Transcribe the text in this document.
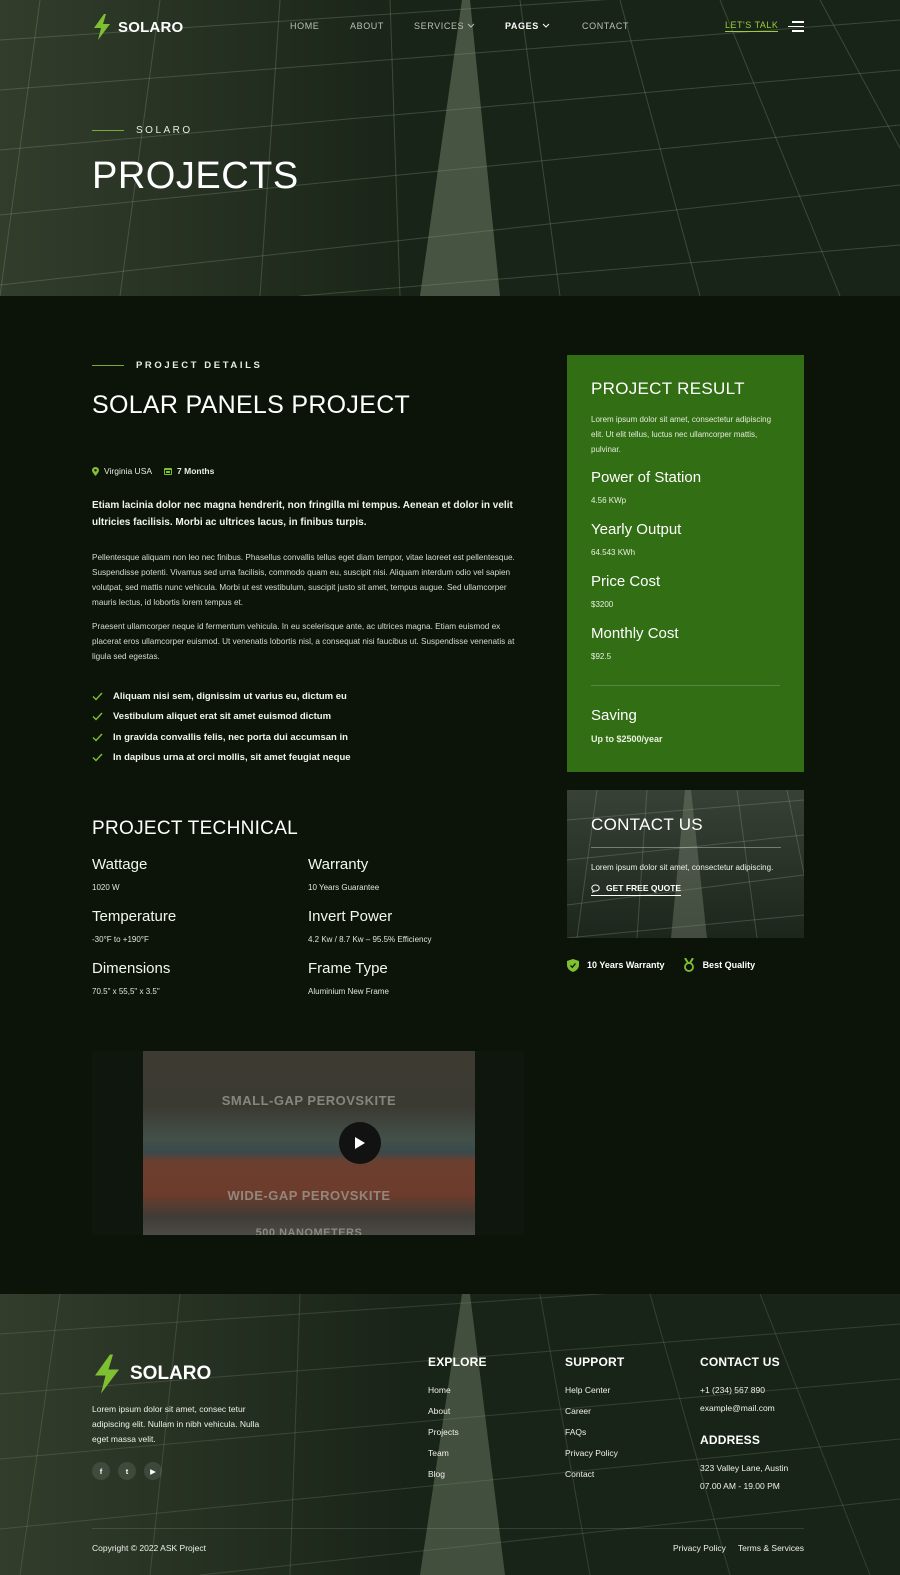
SOLARO	HOME	ABOUT	SERVICES	PAGES	CONTACT	LET'S TALK
SOLARO
PROJECTS
PROJECT DETAILS
SOLAR PANELS PROJECT
Virginia USA	7 Months

Etiam lacinia dolor nec magna hendrerit, non fringilla mi tempus. Aenean et dolor in velit ultricies facilisis. Morbi ac ultrices lacus, in finibus turpis.

Pellentesque aliquam non leo nec finibus. Phasellus convallis tellus eget diam tempor, vitae laoreet est pellentesque. Suspendisse potenti. Vivamus sed urna facilisis, commodo quam eu, suscipit nisi. Aliquam interdum odio vel sapien volutpat, sed mattis nunc vehicula. Morbi ut est vestibulum, suscipit justo sit amet, tempus augue. Sed ullamcorper mauris lectus, id lobortis lorem tempus et.

Praesent ullamcorper neque id fermentum vehicula. In eu scelerisque ante, ac ultrices magna. Etiam euismod ex placerat eros ullamcorper euismod. Ut venenatis lobortis nisl, a consequat nisi faucibus ut. Suspendisse venenatis at ligula sed egestas.

Aliquam nisi sem, dignissim ut varius eu, dictum eu
Vestibulum aliquet erat sit amet euismod dictum
In gravida convallis felis, nec porta dui accumsan in
In dapibus urna at orci mollis, sit amet feugiat neque
PROJECT TECHNICAL
Wattage
1020 W
Warranty
10 Years Guarantee
Temperature
-30°F to +190°F
Invert Power
4.2 Kw / 8.7 Kw – 95.5% Efficiency
Dimensions
70.5" x 55,5" x 3.5"
Frame Type
Aluminium New Frame
PROJECT RESULT

Lorem ipsum dolor sit amet, consectetur adipiscing elit. Ut elit tellus, luctus nec ullamcorper mattis, pulvinar.

Power of Station
4.56 KWp
Yearly Output
64.543 KWh
Price Cost
$3200
Monthly Cost
$92.5
Saving
Up to $2500/year
CONTACT US

Lorem ipsum dolor sit amet, consectetur adipiscing.

GET FREE QUOTE
10 Years Warranty	Best Quality
SMALL-GAP PEROVSKITE
WIDE-GAP PEROVSKITE
500 NANOMETERS
SOLARO

Lorem ipsum dolor sit amet, consec tetur adipiscing elit. Nullam in nibh vehicula. Nulla eget massa velit.

f	t	▶
EXPLORE
Home
About
Projects
Team
Blog
SUPPORT
Help Center
Career
FAQs
Privacy Policy
Contact
CONTACT US
+1 (234) 567 890
example@mail.com
ADDRESS
323 Valley Lane, Austin
07.00 AM - 19.00 PM
Copyright © 2022 ASK Project	Privacy Policy Terms & Services
